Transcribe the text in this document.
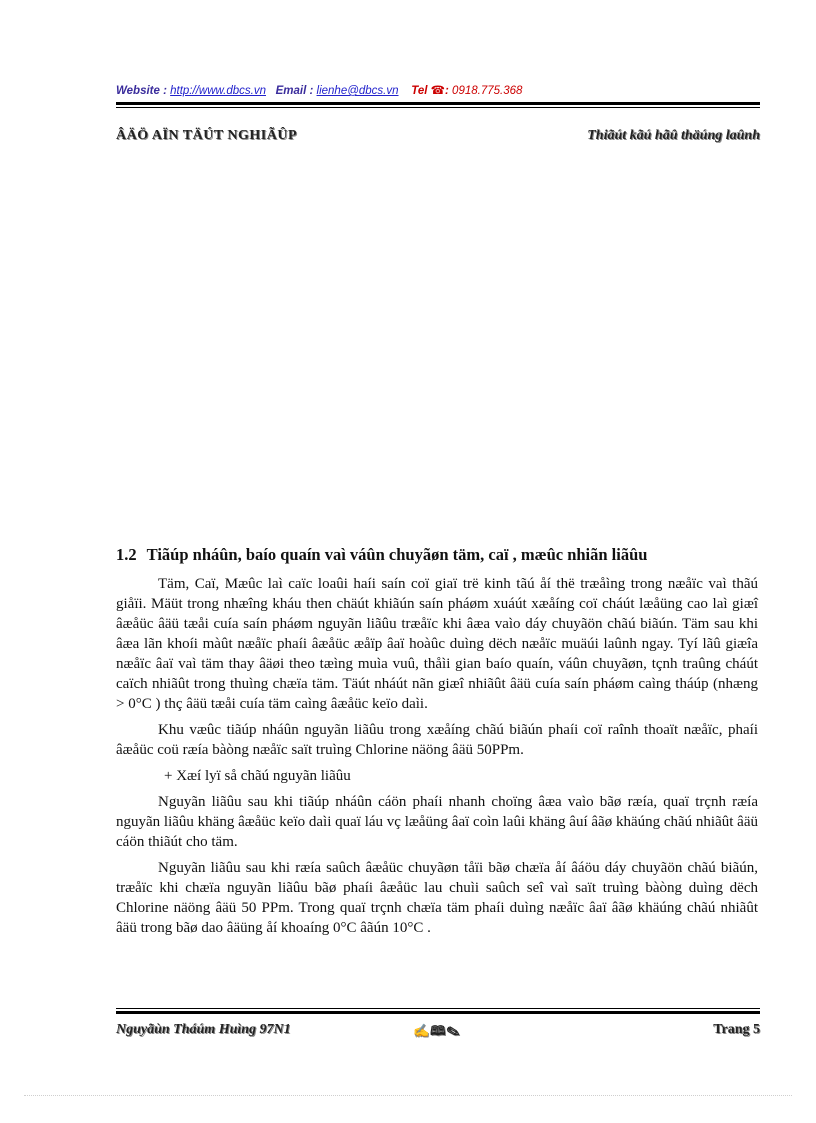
Website : http://www.dbcs.vn Email : lienhe@dbcs.vn Tel ☎: 0918.775.368
ÂÄÖ AÏN TÄÚT NGHIÃÛP	Thiãút kãú hãû thäúng laûnh
1.2 Tiãúp nháûn, baío quaín vaì váûn chuyãøn täm, caï , mæûc nhiãn liãûu

Täm, Caï, Mæûc laì caïc loaûi haíi saín coï giaï trë kinh tãú åí thë træåìng trong næåïc vaì thãú giåïi. Mäüt trong nhæîng kháu then chäút khiãún saín pháøm xuáút xæåíng coï cháút læåüng cao laì giæî âæåüc âäü tæåi cuía saín pháøm nguyãn liãûu træåïc khi âæa vaìo dáy chuyãön chãú biãún. Täm sau khi âæa lãn khoíi màût næåïc phaíi âæåüc æåïp âaï hoàûc duìng dëch næåïc muäúi laûnh ngay. Tyí lãû giæîa næåïc âaï vaì täm thay âäøi theo tæìng muìa vuû, thåìi gian baío quaín, váûn chuyãøn, tçnh traûng cháút caïch nhiãût trong thuìng chæïa täm. Täút nháút nãn giæî nhiãût âäü cuía saín pháøm caìng tháúp (nhæng > 0°C ) thç âäü tæåi cuía täm caìng âæåüc keïo daìi.

Khu væûc tiãúp nháûn nguyãn liãûu trong xæåíng chãú biãún phaíi coï raînh thoaït næåïc, phaíi âæåüc coü ræía bàòng næåïc saït truìng Chlorine näöng âäü 50PPm.

+ Xæí lyï så chãú nguyãn liãûu

Nguyãn liãûu sau khi tiãúp nháûn cáön phaíi nhanh choïng âæa vaìo bãø ræía, quaï trçnh ræía nguyãn liãûu khäng âæåüc keïo daìi quaï láu vç læåüng âaï coìn laûi khäng âuí âãø khäúng chãú nhiãût âäü cáön thiãút cho täm.

Nguyãn liãûu sau khi ræía saûch âæåüc chuyãøn tåïi bãø chæïa åí âáöu dáy chuyãön chãú biãún, træåïc khi chæïa nguyãn liãûu bãø phaíi âæåüc lau chuìi saûch seî vaì saït truìng bàòng duìng dëch Chlorine näöng âäü 50 PPm. Trong quaï trçnh chæïa täm phaíi duìng næåïc âaï âãø khäúng chãú nhiãût âäü trong bãø dao âäüng åí khoaíng 0°C âãún 10°C .

Nguyãùn Tháúm Huìng 97N1	✍🕮✎	Trang 5
